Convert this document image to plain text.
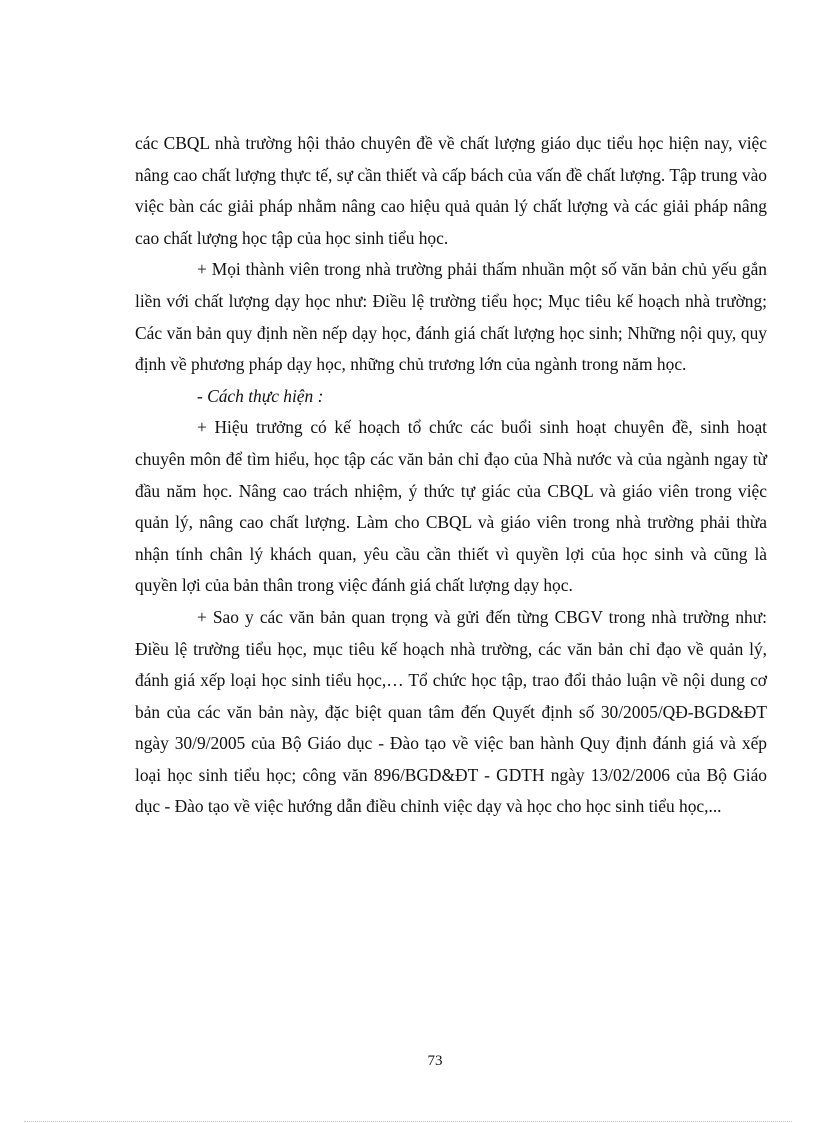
các CBQL nhà trường hội thảo chuyên đề về chất lượng giáo dục tiểu học hiện nay, việc nâng cao chất lượng thực tế, sự cần thiết và cấp bách của vấn đề chất lượng. Tập trung vào việc bàn các giải pháp nhằm nâng cao hiệu quả quản lý chất lượng và các giải pháp nâng cao chất lượng học tập của học sinh tiểu học.

+ Mọi thành viên trong nhà trường phải thấm nhuần một số văn bản chủ yếu gắn liền với chất lượng dạy học như: Điều lệ trường tiểu học; Mục tiêu kế hoạch nhà trường; Các văn bản quy định nền nếp dạy học, đánh giá chất lượng học sinh; Những nội quy, quy định về phương pháp dạy học, những chủ trương lớn của ngành trong năm học.

- Cách thực hiện :

+ Hiệu trưởng có kế hoạch tổ chức các buổi sinh hoạt chuyên đề, sinh hoạt chuyên môn để tìm hiểu, học tập các văn bản chỉ đạo của Nhà nước và của ngành ngay từ đầu năm học. Nâng cao trách nhiệm, ý thức tự giác của CBQL và giáo viên trong việc quản lý, nâng cao chất lượng. Làm cho CBQL và giáo viên trong nhà trường phải thừa nhận tính chân lý khách quan, yêu cầu cần thiết vì quyền lợi của học sinh và cũng là quyền lợi của bản thân trong việc đánh giá chất lượng dạy học.

+ Sao y các văn bản quan trọng và gửi đến từng CBGV trong nhà trường như: Điều lệ trường tiểu học, mục tiêu kế hoạch nhà trường, các văn bản chỉ đạo về quản lý, đánh giá xếp loại học sinh tiểu học,… Tổ chức học tập, trao đổi thảo luận về nội dung cơ bản của các văn bản này, đặc biệt quan tâm đến Quyết định số 30/2005/QĐ-BGD&ĐT ngày 30/9/2005 của Bộ Giáo dục - Đào tạo về việc ban hành Quy định đánh giá và xếp loại học sinh tiểu học; công văn 896/BGD&ĐT - GDTH ngày 13/02/2006 của Bộ Giáo dục - Đào tạo về việc hướng dẫn điều chỉnh việc dạy và học cho học sinh tiểu học,...

73
